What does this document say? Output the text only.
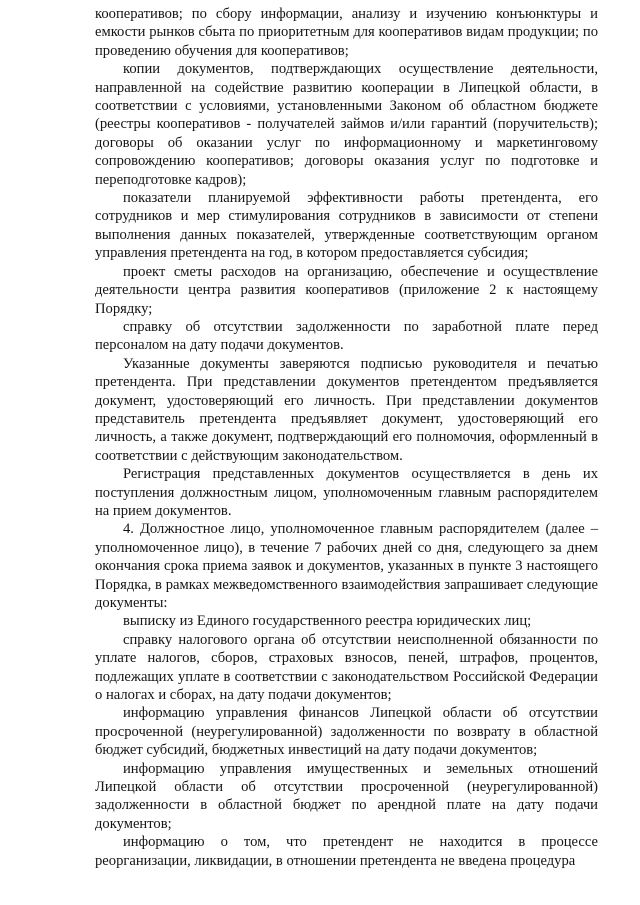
кооперативов; по сбору информации, анализу и изучению конъюнктуры и емкости рынков сбыта по приоритетным для кооперативов видам продукции; по проведению обучения для кооперативов;

копии документов, подтверждающих осуществление деятельности, направленной на содействие развитию кооперации в Липецкой области, в соответствии с условиями, установленными Законом об областном бюджете (реестры кооперативов - получателей займов и/или гарантий (поручительств); договоры об оказании услуг по информационному и маркетинговому сопровождению кооперативов; договоры оказания услуг по подготовке и переподготовке кадров);

показатели планируемой эффективности работы претендента, его сотрудников и мер стимулирования сотрудников в зависимости от степени выполнения данных показателей, утвержденные соответствующим органом управления претендента на год, в котором предоставляется субсидия;

проект сметы расходов на организацию, обеспечение и осуществление деятельности центра развития кооперативов (приложение 2 к настоящему Порядку;

справку об отсутствии задолженности по заработной плате перед персоналом на дату подачи документов.

Указанные документы заверяются подписью руководителя и печатью претендента. При представлении документов претендентом предъявляется документ, удостоверяющий его личность. При представлении документов представитель претендента предъявляет документ, удостоверяющий его личность, а также документ, подтверждающий его полномочия, оформленный в соответствии с действующим законодательством.

Регистрация представленных документов осуществляется в день их поступления должностным лицом, уполномоченным главным распорядителем на прием документов.

4. Должностное лицо, уполномоченное главным распорядителем (далее – уполномоченное лицо), в течение 7 рабочих дней со дня, следующего за днем окончания срока приема заявок и документов, указанных в пункте 3 настоящего Порядка, в рамках межведомственного взаимодействия запрашивает следующие документы:

выписку из Единого государственного реестра юридических лиц;

справку налогового органа об отсутствии неисполненной обязанности по уплате налогов, сборов, страховых взносов, пеней, штрафов, процентов, подлежащих уплате в соответствии с законодательством Российской Федерации о налогах и сборах, на дату подачи документов;

информацию управления финансов Липецкой области об отсутствии просроченной (неурегулированной) задолженности по возврату в областной бюджет субсидий, бюджетных инвестиций на дату подачи документов;

информацию управления имущественных и земельных отношений Липецкой области об отсутствии просроченной (неурегулированной) задолженности в областной бюджет по арендной плате на дату подачи документов;

информацию о том, что претендент не находится в процессе реорганизации, ликвидации, в отношении претендента не введена процедура
